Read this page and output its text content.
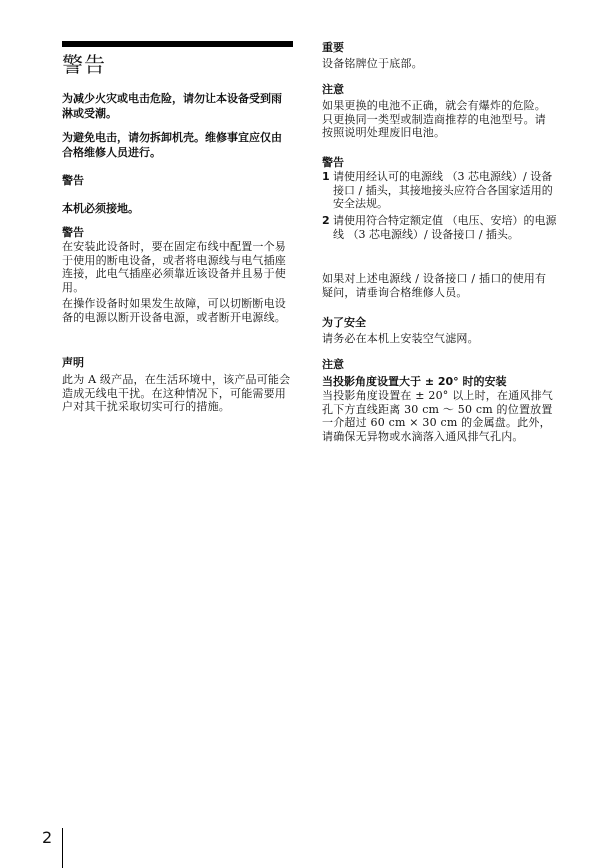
警告

为减少火灾或电击危险，请勿让本设备受到雨淋或受潮。

为避免电击，请勿拆卸机壳。维修事宜应仅由合格维修人员进行。

警告

本机必须接地。

警告

在安装此设备时，要在固定布线中配置一个易于使用的断电设备，或者将电源线与电气插座连接，此电气插座必须靠近该设备并且易于使用。

在操作设备时如果发生故障，可以切断断电设备的电源以断开设备电源，或者断开电源线。

声明

此为 A 级产品，在生活环境中，该产品可能会造成无线电干扰。在这种情况下，可能需要用户对其干扰采取切实可行的措施。

重要

设备铭牌位于底部。

注意

如果更换的电池不正确，就会有爆炸的危险。只更换同一类型或制造商推荐的电池型号。请按照说明处理废旧电池。

警告

1 请使用经认可的电源线 （3 芯电源线）/ 设备接口 / 插头，其接地接头应符合各国家适用的安全法规。
2 请使用符合特定额定值 （电压、安培）的电源线 （3 芯电源线）/ 设备接口 / 插头。

如果对上述电源线 / 设备接口 / 插口的使用有疑问，请垂询合格维修人员。

为了安全

请务必在本机上安装空气滤网。

注意

当投影角度设置大于 ± 20° 时的安装

当投影角度设置在 ± 20° 以上时，在通风排气孔下方直线距离 30 cm ～ 50 cm 的位置放置一介超过 60 cm × 30 cm 的金属盘。此外，请确保无异物或水滴落入通风排气孔内。

2
